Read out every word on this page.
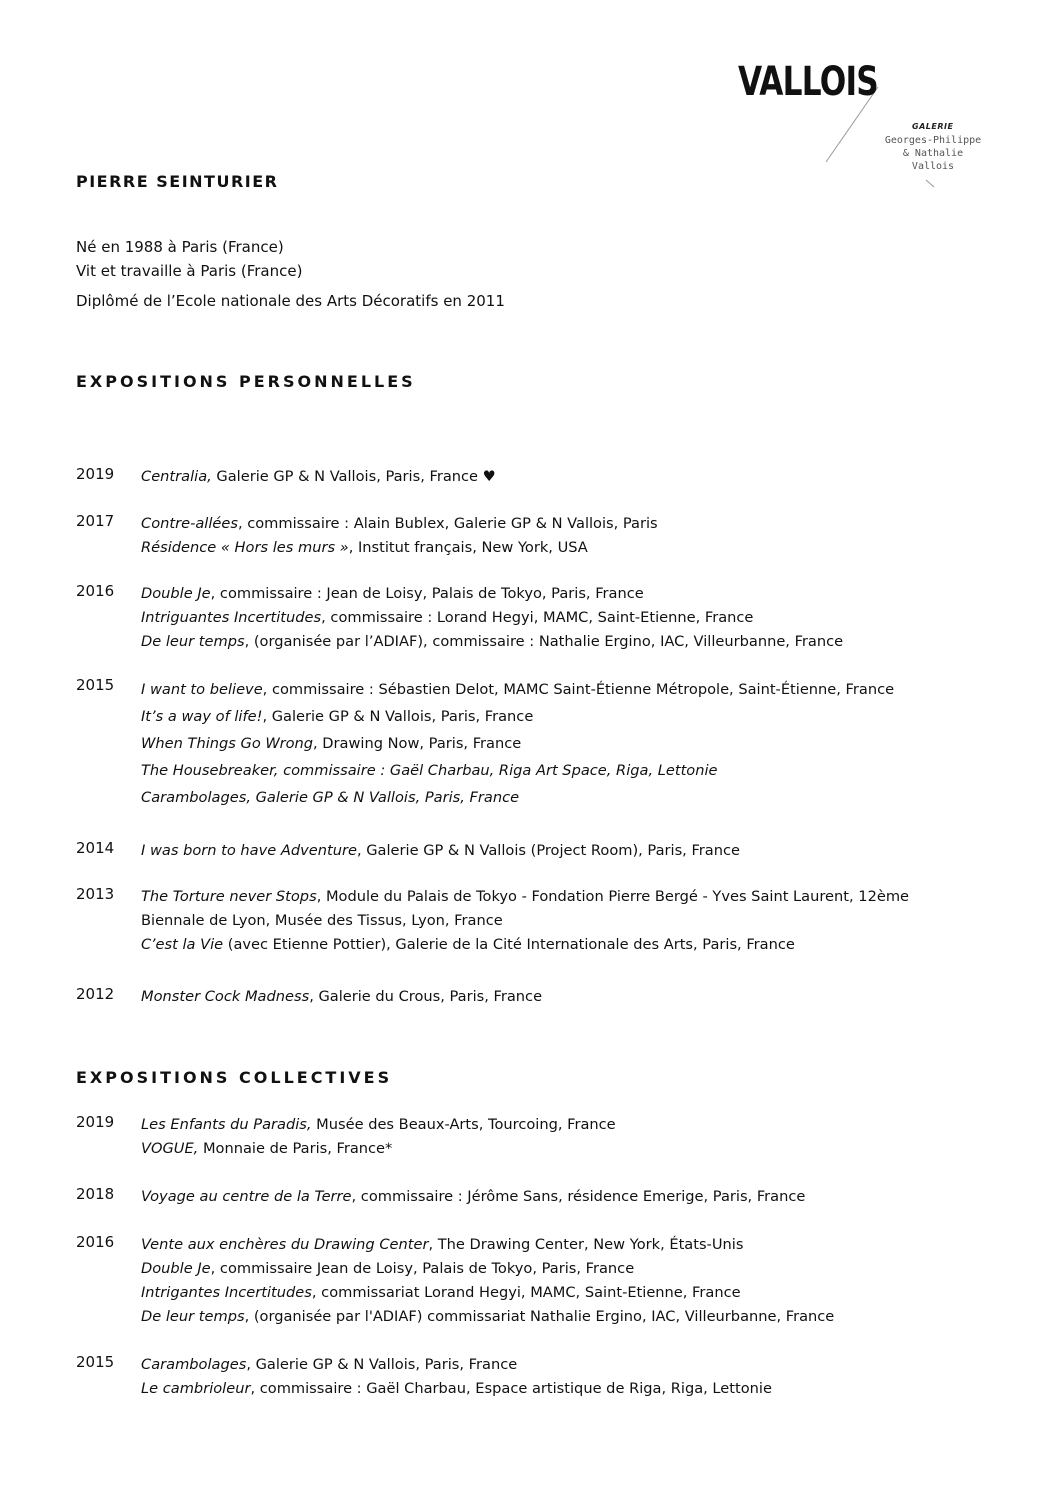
VALLOIS
GALERIE
Georges-Philippe
& Nathalie
Vallois
PIERRE SEINTURIER
Né en 1988 à Paris (France)
Vit et travaille à Paris (France)
Diplômé de l’Ecole nationale des Arts Décoratifs en 2011
EXPOSITIONS PERSONNELLES
2019	Centralia, Galerie GP & N Vallois, Paris, France ♥
2017	Contre-allées, commissaire : Alain Bublex, Galerie GP & N Vallois, Paris
Résidence « Hors les murs », Institut français, New York, USA
2016	Double Je, commissaire : Jean de Loisy, Palais de Tokyo, Paris, France
Intriguantes Incertitudes, commissaire : Lorand Hegyi, MAMC, Saint-Etienne, France
De leur temps, (organisée par l’ADIAF), commissaire : Nathalie Ergino, IAC, Villeurbanne, France
2015	I want to believe, commissaire : Sébastien Delot, MAMC Saint-Étienne Métropole, Saint-Étienne, France
It’s a way of life!, Galerie GP & N Vallois, Paris, France
When Things Go Wrong, Drawing Now, Paris, France
The Housebreaker, commissaire : Gaël Charbau, Riga Art Space, Riga, Lettonie
Carambolages, Galerie GP & N Vallois, Paris, France
2014	I was born to have Adventure, Galerie GP & N Vallois (Project Room), Paris, France
2013	The Torture never Stops, Module du Palais de Tokyo - Fondation Pierre Bergé - Yves Saint Laurent, 12ème
Biennale de Lyon, Musée des Tissus, Lyon, France
C’est la Vie (avec Etienne Pottier), Galerie de la Cité Internationale des Arts, Paris, France
2012	Monster Cock Madness, Galerie du Crous, Paris, France
EXPOSITIONS COLLECTIVES
2019	Les Enfants du Paradis, Musée des Beaux-Arts, Tourcoing, France
VOGUE, Monnaie de Paris, France*
2018	Voyage au centre de la Terre, commissaire : Jérôme Sans, résidence Emerige, Paris, France
2016	Vente aux enchères du Drawing Center, The Drawing Center, New York, États-Unis
Double Je, commissaire Jean de Loisy, Palais de Tokyo, Paris, France
Intrigantes Incertitudes, commissariat Lorand Hegyi, MAMC, Saint-Etienne, France
De leur temps, (organisée par l'ADIAF) commissariat Nathalie Ergino, IAC, Villeurbanne, France
2015	Carambolages, Galerie GP & N Vallois, Paris, France
Le cambrioleur, commissaire : Gaël Charbau, Espace artistique de Riga, Riga, Lettonie
